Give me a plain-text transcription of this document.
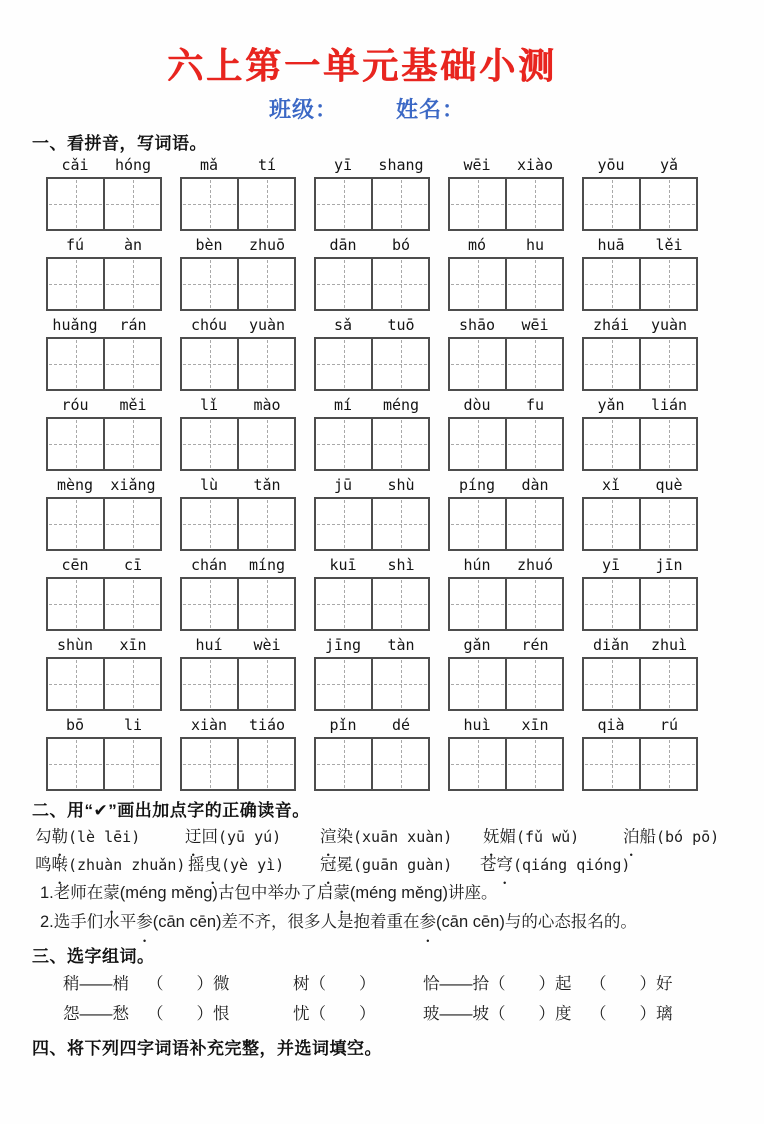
六上第一单元基础小测
班级：	姓名：
一、看拼音，写词语。
cǎi	hóng	mǎ	tí	yī	shang	wēi	xiào	yōu	yǎ
fú	àn	bèn	zhuō	dān	bó	mó	hu	huā	lěi
huǎng	rán	chóu	yuàn	sǎ	tuō	shāo	wēi	zhái	yuàn
róu	měi	lǐ	mào	mí	méng	dòu	fu	yǎn	lián
mèng	xiǎng	lù	tǎn	jū	shù	píng	dàn	xǐ	què
cēn	cī	chán	míng	kuī	shì	hún	zhuó	yī	jīn
shùn	xīn	huí	wèi	jīng	tàn	gǎn	rén	diǎn	zhuì
bō	li	xiàn	tiáo	pǐn	dé	huì	xīn	qià	rú
二、用“✔”画出加点字的正确读音。
勾勒(lè lēi)	迂回(yū yú) 渲染(xuān xuàn) 妩媚(fǔ wǔ)	泊船(bó pō)
鸣啭(zhuàn zhuǎn) 摇曳(yè yì) 冠冕(guān guàn) 苍穹(qiáng qióng)

1.老师在蒙(méng měng)古包中举办了启蒙(méng měng)讲座。

2.选手们水平参(cān cēn)差不齐，很多人是抱着重在参(cān cēn)与的心态报名的。

三、选字组词。
稍——梢 （　　）微	树（　　）	恰——拾（　　）起 （　　）好
怨——愁 （　　）恨	忧（　　）	玻——坡（　　）度 （　　）璃
四、将下列四字词语补充完整，并选词填空。
